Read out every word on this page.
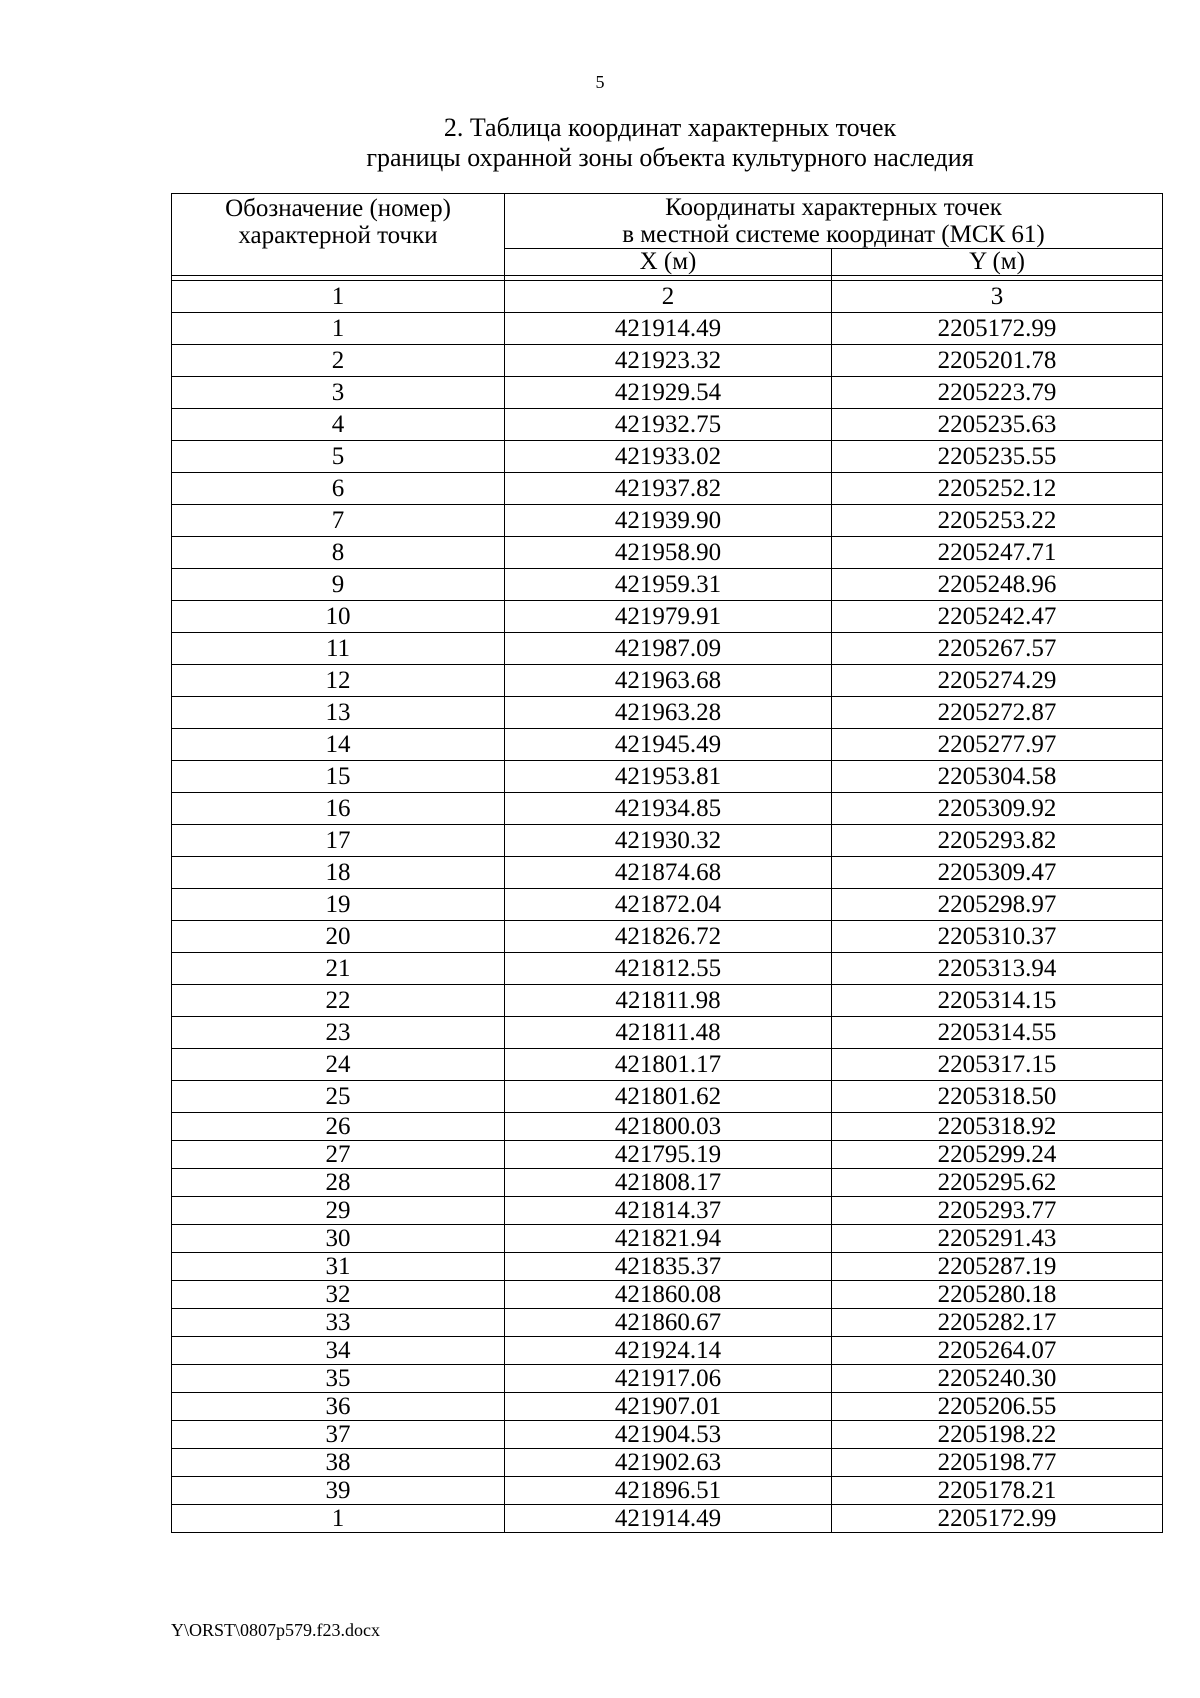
5
2. Таблица координат характерных точек
границы охранной зоны объекта культурного наследия
Обозначение (номер) характерной точки	Координаты характерных точек
в местной системе координат (МСК 61)	

	X (м)	Y (м)

1	2	3
1	421914.49	2205172.99
2	421923.32	2205201.78
3	421929.54	2205223.79
4	421932.75	2205235.63
5	421933.02	2205235.55
6	421937.82	2205252.12
7	421939.90	2205253.22
8	421958.90	2205247.71
9	421959.31	2205248.96
10	421979.91	2205242.47
11	421987.09	2205267.57
12	421963.68	2205274.29
13	421963.28	2205272.87
14	421945.49	2205277.97
15	421953.81	2205304.58
16	421934.85	2205309.92
17	421930.32	2205293.82
18	421874.68	2205309.47
19	421872.04	2205298.97
20	421826.72	2205310.37
21	421812.55	2205313.94
22	421811.98	2205314.15
23	421811.48	2205314.55
24	421801.17	2205317.15
25	421801.62	2205318.50
26	421800.03	2205318.92
27	421795.19	2205299.24
28	421808.17	2205295.62
29	421814.37	2205293.77
30	421821.94	2205291.43
31	421835.37	2205287.19
32	421860.08	2205280.18
33	421860.67	2205282.17
34	421924.14	2205264.07
35	421917.06	2205240.30
36	421907.01	2205206.55
37	421904.53	2205198.22
38	421902.63	2205198.77
39	421896.51	2205178.21
1	421914.49	2205172.99
Y\ORST\0807p579.f23.docx
